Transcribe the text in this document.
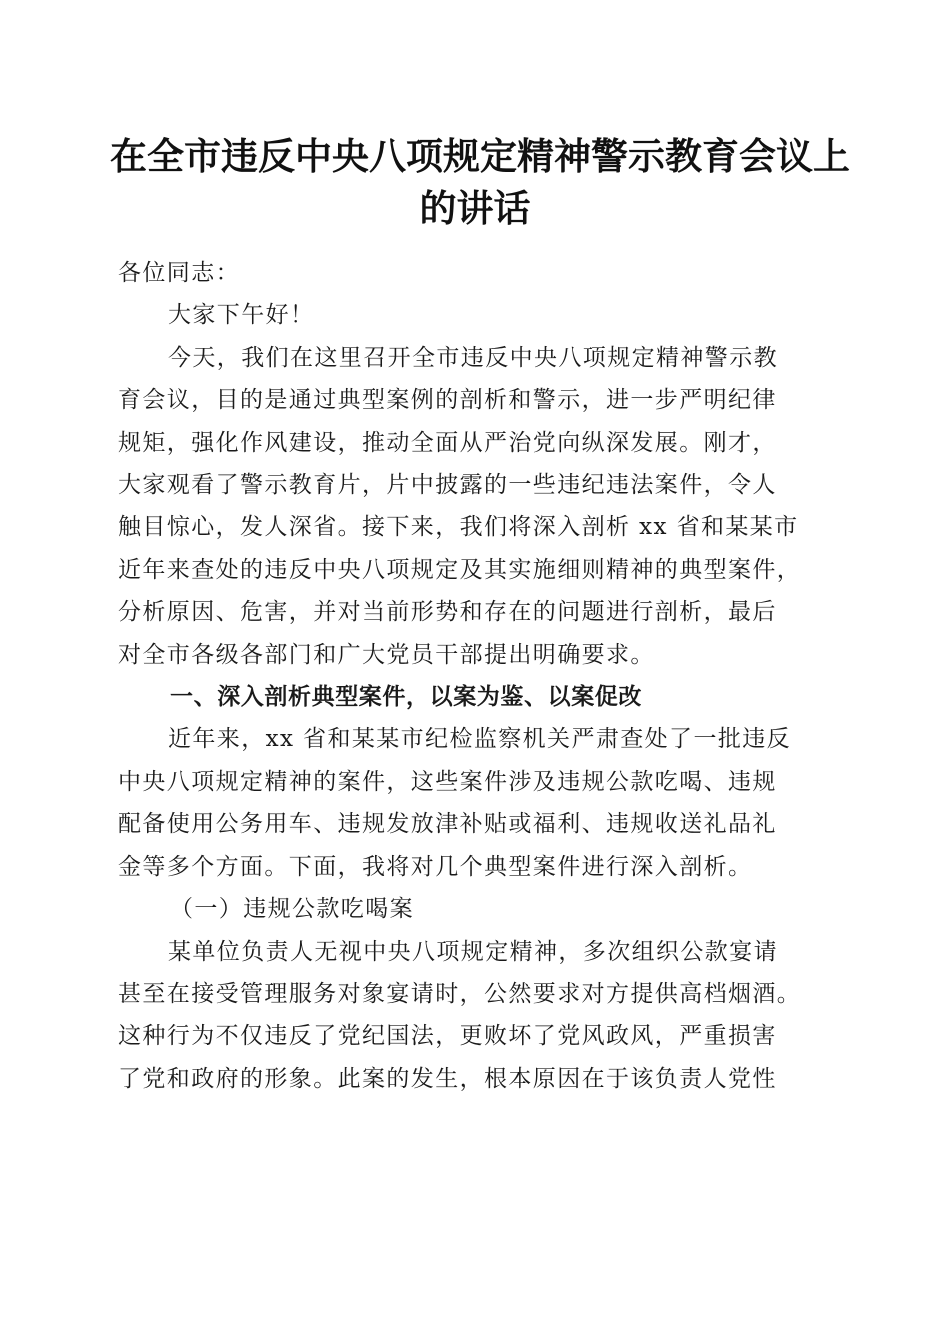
在全市违反中央八项规定精神警示教育会议上
的讲话

各位同志：

大家下午好！

今天，我们在这里召开全市违反中央八项规定精神警示教

育会议，目的是通过典型案例的剖析和警示，进一步严明纪律

规矩，强化作风建设，推动全面从严治党向纵深发展。刚才，

大家观看了警示教育片，片中披露的一些违纪违法案件，令人

触目惊心，发人深省。接下来，我们将深入剖析 xx 省和某某市

近年来查处的违反中央八项规定及其实施细则精神的典型案件，

分析原因、危害，并对当前形势和存在的问题进行剖析，最后

对全市各级各部门和广大党员干部提出明确要求。

一、深入剖析典型案件，以案为鉴、以案促改

近年来，xx 省和某某市纪检监察机关严肃查处了一批违反

中央八项规定精神的案件，这些案件涉及违规公款吃喝、违规

配备使用公务用车、违规发放津补贴或福利、违规收送礼品礼

金等多个方面。下面，我将对几个典型案件进行深入剖析。

（一）违规公款吃喝案

某单位负责人无视中央八项规定精神，多次组织公款宴请

甚至在接受管理服务对象宴请时，公然要求对方提供高档烟酒。

这种行为不仅违反了党纪国法，更败坏了党风政风，严重损害

了党和政府的形象。此案的发生，根本原因在于该负责人党性
